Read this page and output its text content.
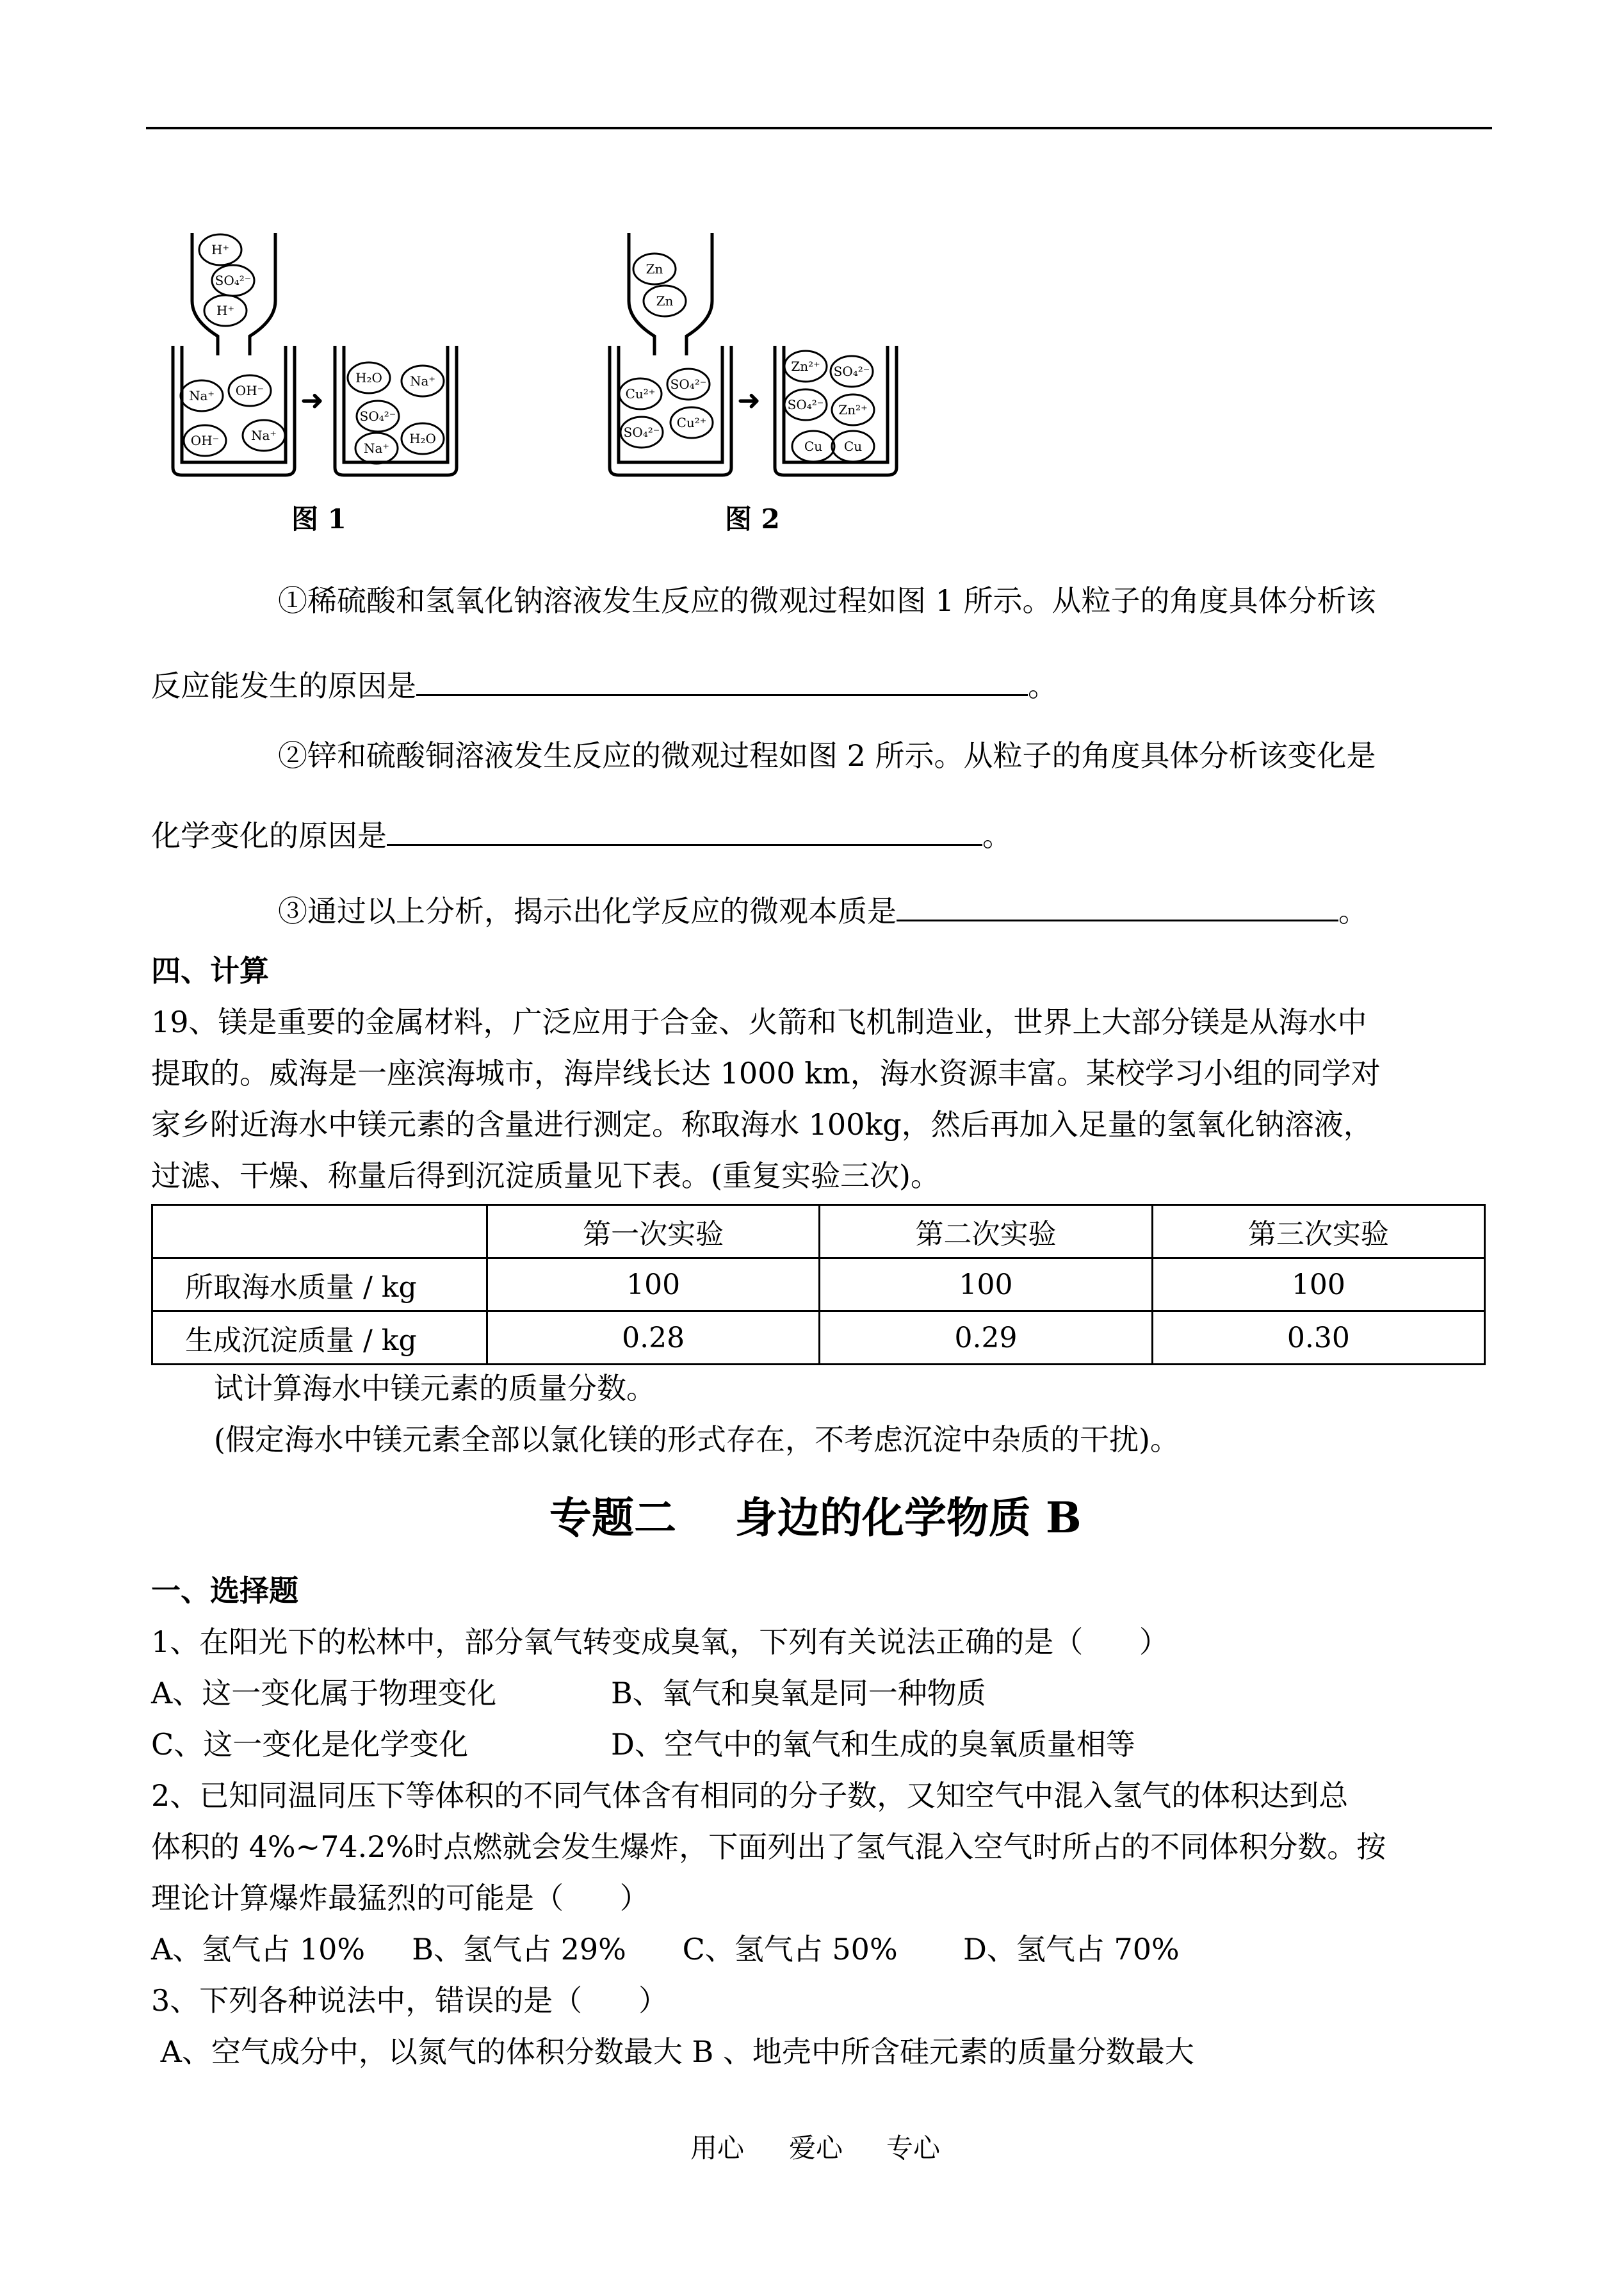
H⁺
SO₄²⁻
H⁺
Na⁺ OH⁻
OH⁻ Na⁺
H₂O Na⁺
SO₄²⁻
Na⁺
H₂O
Zn
Zn
Cu²⁺
SO₄²⁻
SO₄²⁻
Cu²⁺
Zn²⁺ SO₄²⁻
SO₄²⁻ Zn²⁺
Cu Cu
➜	➜
图 1	图 2
①稀硫酸和氢氧化钠溶液发生反应的微观过程如图 1 所示。从粒子的角度具体分析该
反应能发生的原因是	。
②锌和硫酸铜溶液发生反应的微观过程如图 2 所示。从粒子的角度具体分析该变化是
化学变化的原因是	。
③通过以上分析，揭示出化学反应的微观本质是	。
四、计算
19、镁是重要的金属材料，广泛应用于合金、火箭和飞机制造业，世界上大部分镁是从海水中
提取的。威海是一座滨海城市，海岸线长达 1000 km，海水资源丰富。某校学习小组的同学对
家乡附近海水中镁元素的含量进行测定。称取海水 100kg，然后再加入足量的氢氧化钠溶液，
过滤、干燥、称量后得到沉淀质量见下表。(重复实验三次)。
	第一次实验	第二次实验	第三次实验
所取海水质量 / kg	100	100	100
生成沉淀质量 / kg	0.28	0.29	0.30
试计算海水中镁元素的质量分数。
(假定海水中镁元素全部以氯化镁的形式存在，不考虑沉淀中杂质的干扰)。
专题二    身边的化学物质 B
一、选择题
1、在阳光下的松林中，部分氧气转变成臭氧，下列有关说法正确的是（      ）
A、这一变化属于物理变化	B、氧气和臭氧是同一种物质
C、这一变化是化学变化	D、空气中的氧气和生成的臭氧质量相等
2、已知同温同压下等体积的不同气体含有相同的分子数，又知空气中混入氢气的体积达到总
体积的 4%~74.2%时点燃就会发生爆炸，下面列出了氢气混入空气时所占的不同体积分数。按
理论计算爆炸最猛烈的可能是（      ）
A、氢气占 10%     B、氢气占 29%      C、氢气占 50%       D、氢气占 70%
3、下列各种说法中，错误的是（      ）
A、空气成分中，以氮气的体积分数最大 B 、地壳中所含硅元素的质量分数最大
用心 爱心 专心
